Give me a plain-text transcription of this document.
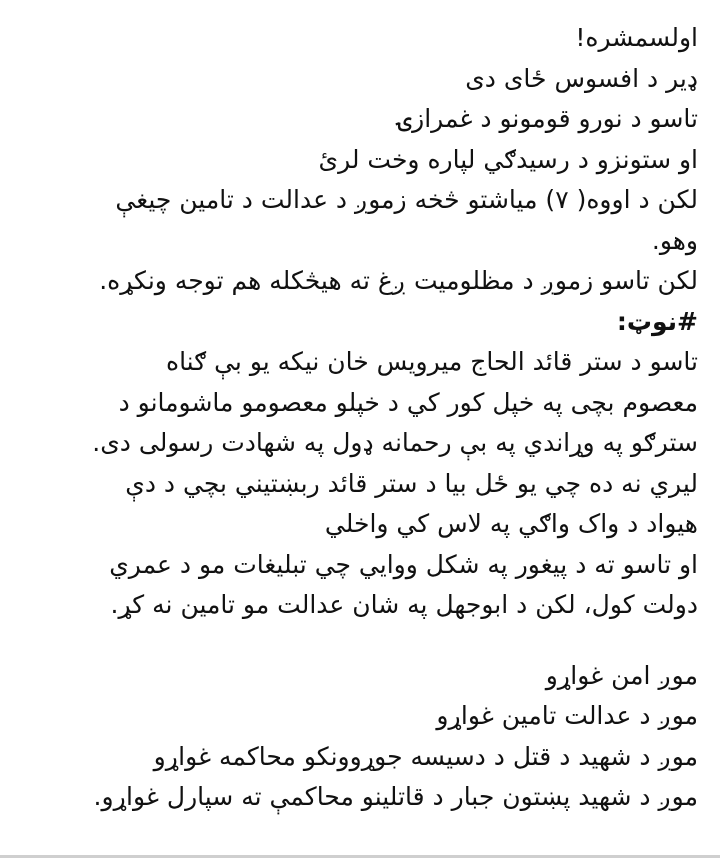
اولسمشره!
ډیر د افسوس ځای دی
تاسو د نورو قومونو د غمرازۍ
او ستونزو د رسیدګي لپاره وخت لرئ
لکن د اووه( ۷) میاشتو څخه زموږ د عدالت د تامین چیغې
وهو.
لکن تاسو زموږ د مظلومیت ږغ ته هیڅکله هم توجه ونکړه.
#نوټ:
تاسو د ستر قائد الحاج میرویس خان نیکه یو بې ګناه
معصوم بچی په خپل کور کي د خپلو معصومو ماشومانو د
سترګو په وړاندي په بې رحمانه ډول په شهادت رسولی دی.
لیري نه ده چي یو ځل بیا د ستر قائد ربښتیني بچي د دې
هیواد د واک واګي په لاس کي واخلي
او تاسو ته د پیغور په شکل ووایي چي تبلیغات مو د عمري
دولت کول، لکن د ابوجهل په شان عدالت مو تامین نه کړ.
موږ امن غواړو
موږ د عدالت تامین غواړو
موږ د شهید د قتل د دسیسه جوړوونکو محاکمه غواړو
موږ د شهید پښتون جبار د قاتلینو محاکمې ته سپارل غواړو.
